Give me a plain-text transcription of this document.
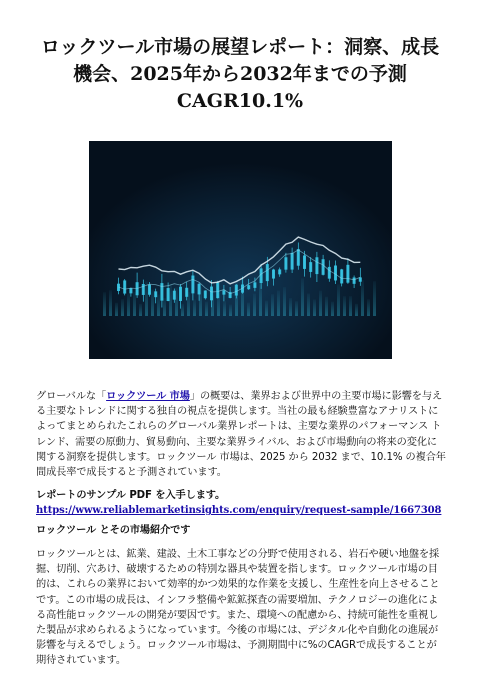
ロックツール市場の展望レポート：洞察、成長
機会、2025年から2032年までの予測
CAGR10.1%

グローバルな「ロックツール 市場」の概要は、業界および世界中の主要市場に影響を与える主要なトレンドに関する独自の視点を提供します。当社の最も経験豊富なアナリストによってまとめられたこれらのグローバル業界レポートは、主要な業界のパフォーマンス トレンド、需要の原動力、貿易動向、主要な業界ライバル、および市場動向の将来の変化に関する洞察を提供します。ロックツール 市場は、2025 から 2032 まで、10.1% の複合年間成長率で成長すると予測されています。

レポートのサンプル PDF を入手します。
https://www.reliablemarketinsights.com/enquiry/request-sample/1667308

ロックツール とその市場紹介です

ロックツールとは、鉱業、建設、土木工事などの分野で使用される、岩石や硬い地盤を採掘、切削、穴あけ、破壊するための特別な器具や装置を指します。ロックツール市場の目的は、これらの業界において効率的かつ効果的な作業を支援し、生産性を向上させることです。この市場の成長は、インフラ整備や鉱鉱探査の需要増加、テクノロジーの進化による高性能ロックツールの開発が要因です。また、環境への配慮から、持続可能性を重視した製品が求められるようになっています。今後の市場には、デジタル化や自動化の進展が影響を与えるでしょう。ロックツール市場は、予測期間中に%のCAGRで成長することが期待されています。
